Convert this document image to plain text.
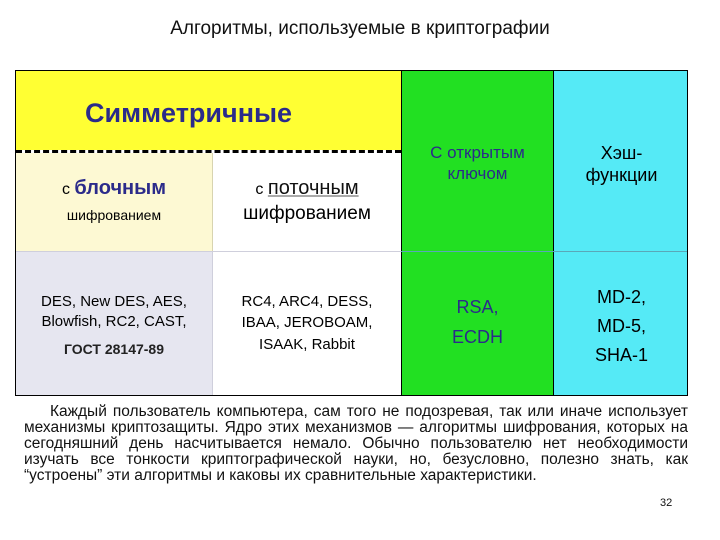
Алгоритмы, используемые в криптографии
Симметричные
с блочным
шифрованием
с поточным
шифрованием
DES, New DES, AES,
Blowfish, RC2, CAST,
ГОСТ 28147-89
RC4, ARC4, DESS,
IBAA, JEROBOAM,
ISAAK, Rabbit
С открытым
ключом
RSA,
ECDH
Хэш-
функции
MD-2,
MD-5,
SHA-1
Каждый пользователь компьютера, сам того не подозревая, так или иначе использует механизмы криптозащиты. Ядро этих механизмов — алгоритмы шифрования, которых на сегодняшний день насчитывается немало. Обычно пользователю нет необходимости изучать все тонкости криптографической науки, но, безусловно, полезно знать, как “устроены” эти алгоритмы и каковы их сравнительные характеристики.
32
